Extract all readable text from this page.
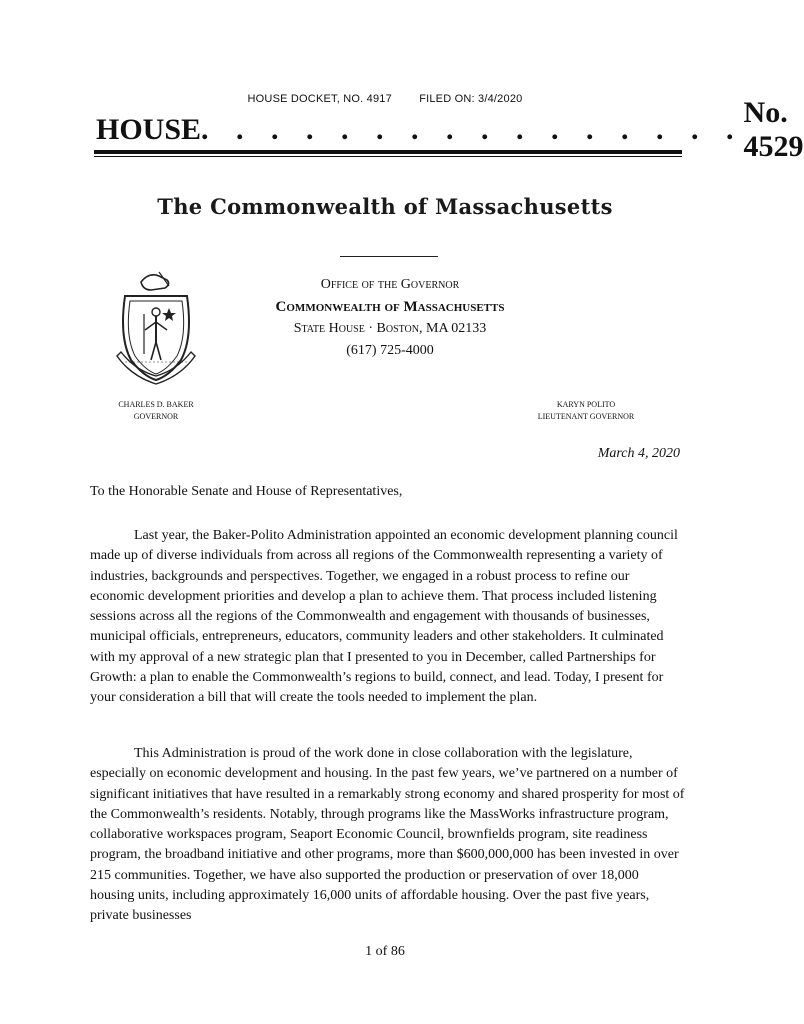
HOUSE DOCKET, NO. 4917 FILED ON: 3/4/2020
HOUSE . . . . . . . . . . . . . . . .
No. 4529
The Commonwealth of Massachusetts
Office of the Governor
Commonwealth of Massachusetts
State House · Boston, MA 02133
(617) 725-4000
CHARLES D. BAKER
GOVERNOR
KARYN POLITO
LIEUTENANT GOVERNOR
March 4, 2020
To the Honorable Senate and House of Representatives,
Last year, the Baker-Polito Administration appointed an economic development planning council made up of diverse individuals from across all regions of the Commonwealth representing a variety of industries, backgrounds and perspectives. Together, we engaged in a robust process to refine our economic development priorities and develop a plan to achieve them. That process included listening sessions across all the regions of the Commonwealth and engagement with thousands of businesses, municipal officials, entrepreneurs, educators, community leaders and other stakeholders. It culminated with my approval of a new strategic plan that I presented to you in December, called Partnerships for Growth: a plan to enable the Commonwealth’s regions to build, connect, and lead. Today, I present for your consideration a bill that will create the tools needed to implement the plan.
This Administration is proud of the work done in close collaboration with the legislature, especially on economic development and housing. In the past few years, we’ve partnered on a number of significant initiatives that have resulted in a remarkably strong economy and shared prosperity for most of the Commonwealth’s residents. Notably, through programs like the MassWorks infrastructure program, collaborative workspaces program, Seaport Economic Council, brownfields program, site readiness program, the broadband initiative and other programs, more than $600,000,000 has been invested in over 215 communities. Together, we have also supported the production or preservation of over 18,000 housing units, including approximately 16,000 units of affordable housing. Over the past five years, private businesses
1 of 86
